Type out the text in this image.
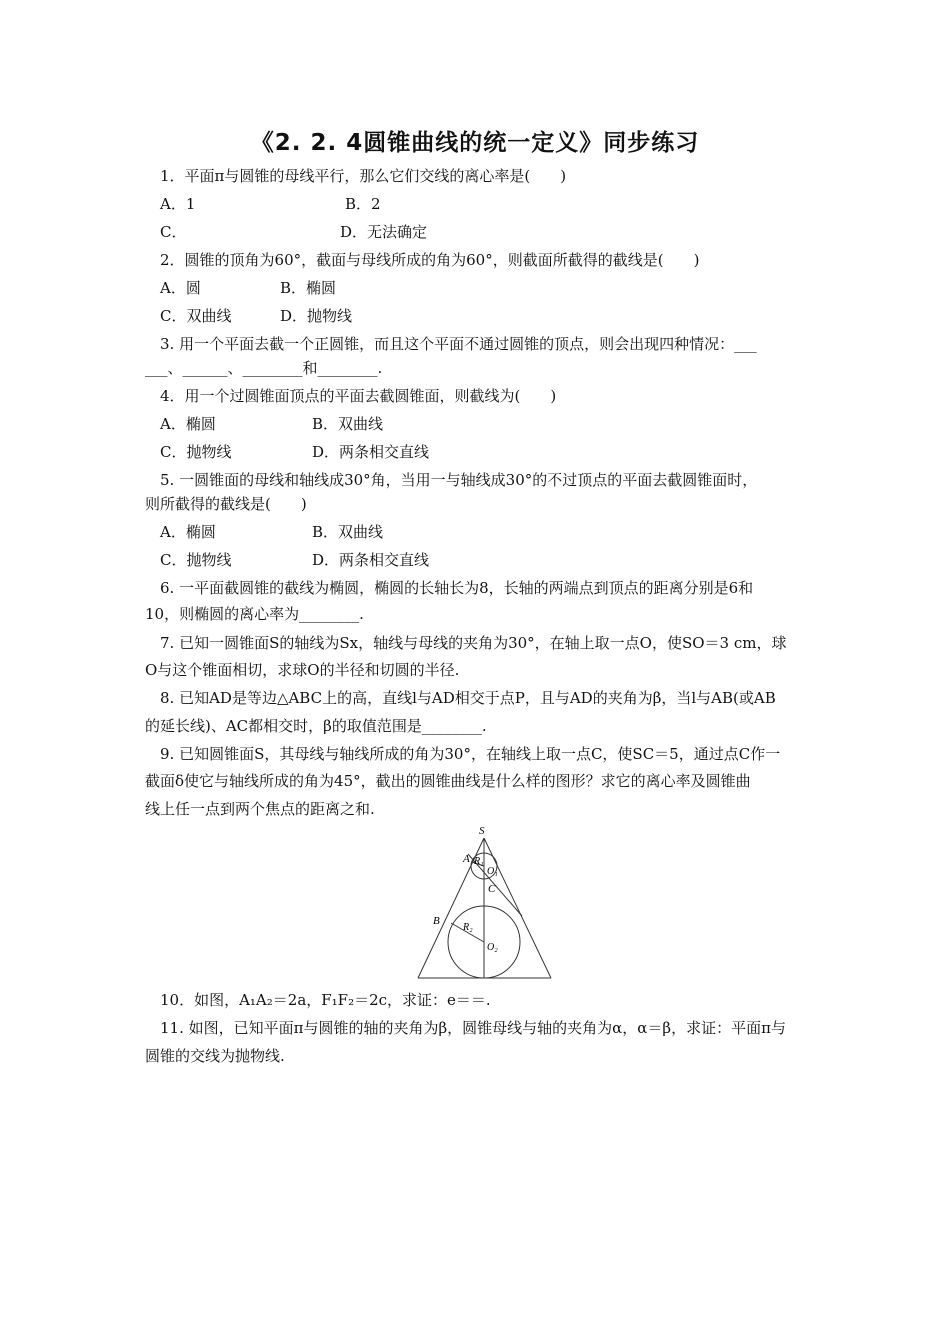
《2. 2. 4圆锥曲线的统一定义》同步练习
1．平面π与圆锥的母线平行，那么它们交线的离心率是(　　)
A．1	B．2
C．	D．无法确定
2．圆锥的顶角为60°，截面与母线所成的角为60°，则截面所截得的截线是(　　)
A．圆	B．椭圆
C．双曲线	D．抛物线
3. 用一个平面去截一个正圆锥，而且这个平面不通过圆锥的顶点，则会出现四种情况：___
___、______、________和________.
4．用一个过圆锥面顶点的平面去截圆锥面，则截线为(　　)
A．椭圆	B．双曲线
C．抛物线	D．两条相交直线
5. 一圆锥面的母线和轴线成30°角，当用一与轴线成30°的不过顶点的平面去截圆锥面时，
则所截得的截线是(　　)
A．椭圆	B．双曲线
C．抛物线	D．两条相交直线
6. 一平面截圆锥的截线为椭圆，椭圆的长轴长为8，长轴的两端点到顶点的距离分别是6和
10，则椭圆的离心率为________.
7. 已知一圆锥面S的轴线为Sx，轴线与母线的夹角为30°，在轴上取一点O，使SO＝3 cm，球
O与这个锥面相切，求球O的半径和切圆的半径.
8. 已知AD是等边△ABC上的高，直线l与AD相交于点P，且与AD的夹角为β，当l与AB(或AB
的延长线)、AC都相交时，β的取值范围是________.
9. 已知圆锥面S，其母线与轴线所成的角为30°，在轴线上取一点C，使SC＝5，通过点C作一
截面δ使它与轴线所成的角为45°，截出的圆锥曲线是什么样的图形？求它的离心率及圆锥曲
线上任一点到两个焦点的距离之和.
S
A R₁
O₁
C
B
R₂
O₂
10．如图，A₁A₂＝2a，F₁F₂＝2c，求证：e＝＝.
11. 如图，已知平面π与圆锥的轴的夹角为β，圆锥母线与轴的夹角为α，α＝β，求证：平面π与
圆锥的交线为抛物线.
